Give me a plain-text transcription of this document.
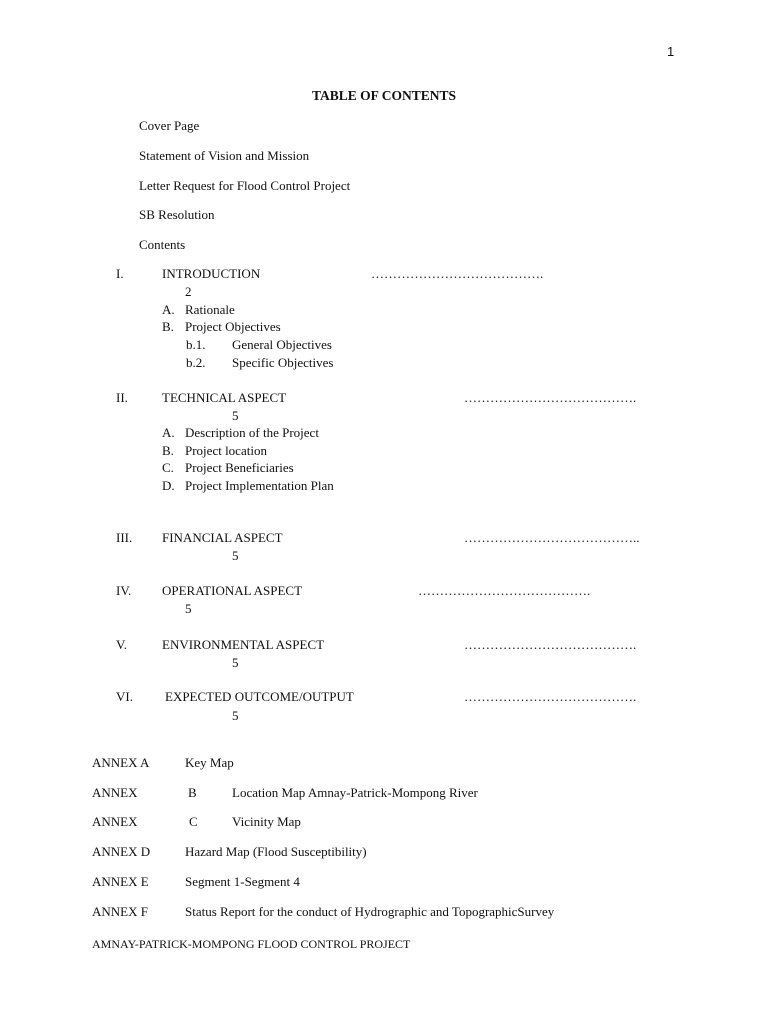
1
TABLE OF CONTENTS
Cover Page
Statement of Vision and Mission
Letter Request for Flood Control Project
SB Resolution
Contents
I.	INTRODUCTION	………………………………….
2
A. Rationale
B. Project Objectives
b.1. General Objectives
b.2. Specific Objectives
II.	TECHNICAL ASPECT	………………………………….
5
A. Description of the Project
B. Project location
C. Project Beneficiaries
D. Project Implementation Plan
III. FINANCIAL ASPECT	…………………………………..
5
IV. OPERATIONAL ASPECT	………………………………….
5
V.	ENVIRONMENTAL ASPECT	………………………………….
5
VI. EXPECTED OUTCOME/OUTPUT	………………………………….
5
ANNEX A	Key Map
ANNEX	B	Location Map Amnay-Patrick-Mompong River
ANNEX	C	Vicinity Map
ANNEX D	Hazard Map (Flood Susceptibility)
ANNEX E	Segment 1-Segment 4
ANNEX F	Status Report for the conduct of Hydrographic and TopographicSurvey
AMNAY-PATRICK-MOMPONG FLOOD CONTROL PROJECT
